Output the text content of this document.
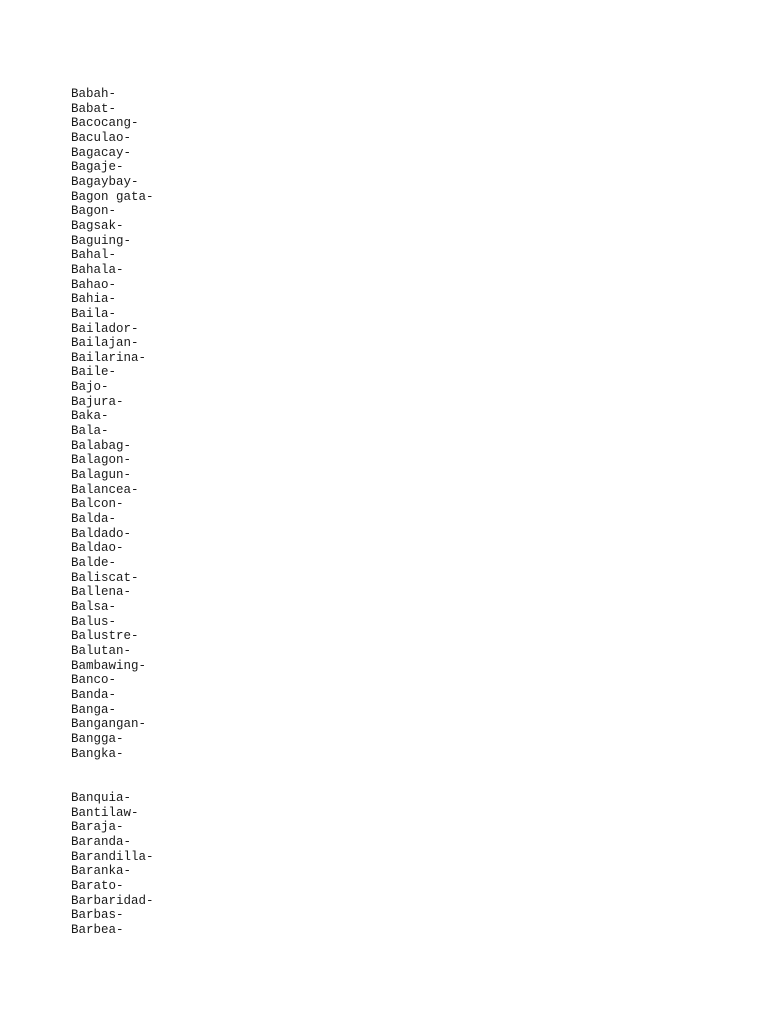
Babah-
Babat-
Bacocang-
Baculao-
Bagacay-
Bagaje-
Bagaybay-
Bagon gata-
Bagon-
Bagsak-
Baguing-
Bahal-
Bahala-
Bahao-
Bahia-
Baila-
Bailador-
Bailajan-
Bailarina-
Baile-
Bajo-
Bajura-
Baka-
Bala-
Balabag-
Balagon-
Balagun-
Balancea-
Balcon-
Balda-
Baldado-
Baldao-
Balde-
Baliscat-
Ballena-
Balsa-
Balus-
Balustre-
Balutan-
Bambawing-
Banco-
Banda-
Banga-
Bangangan-
Bangga-
Bangka-
Banquia-
Bantilaw-
Baraja-
Baranda-
Barandilla-
Baranka-
Barato-
Barbaridad-
Barbas-
Barbea-
